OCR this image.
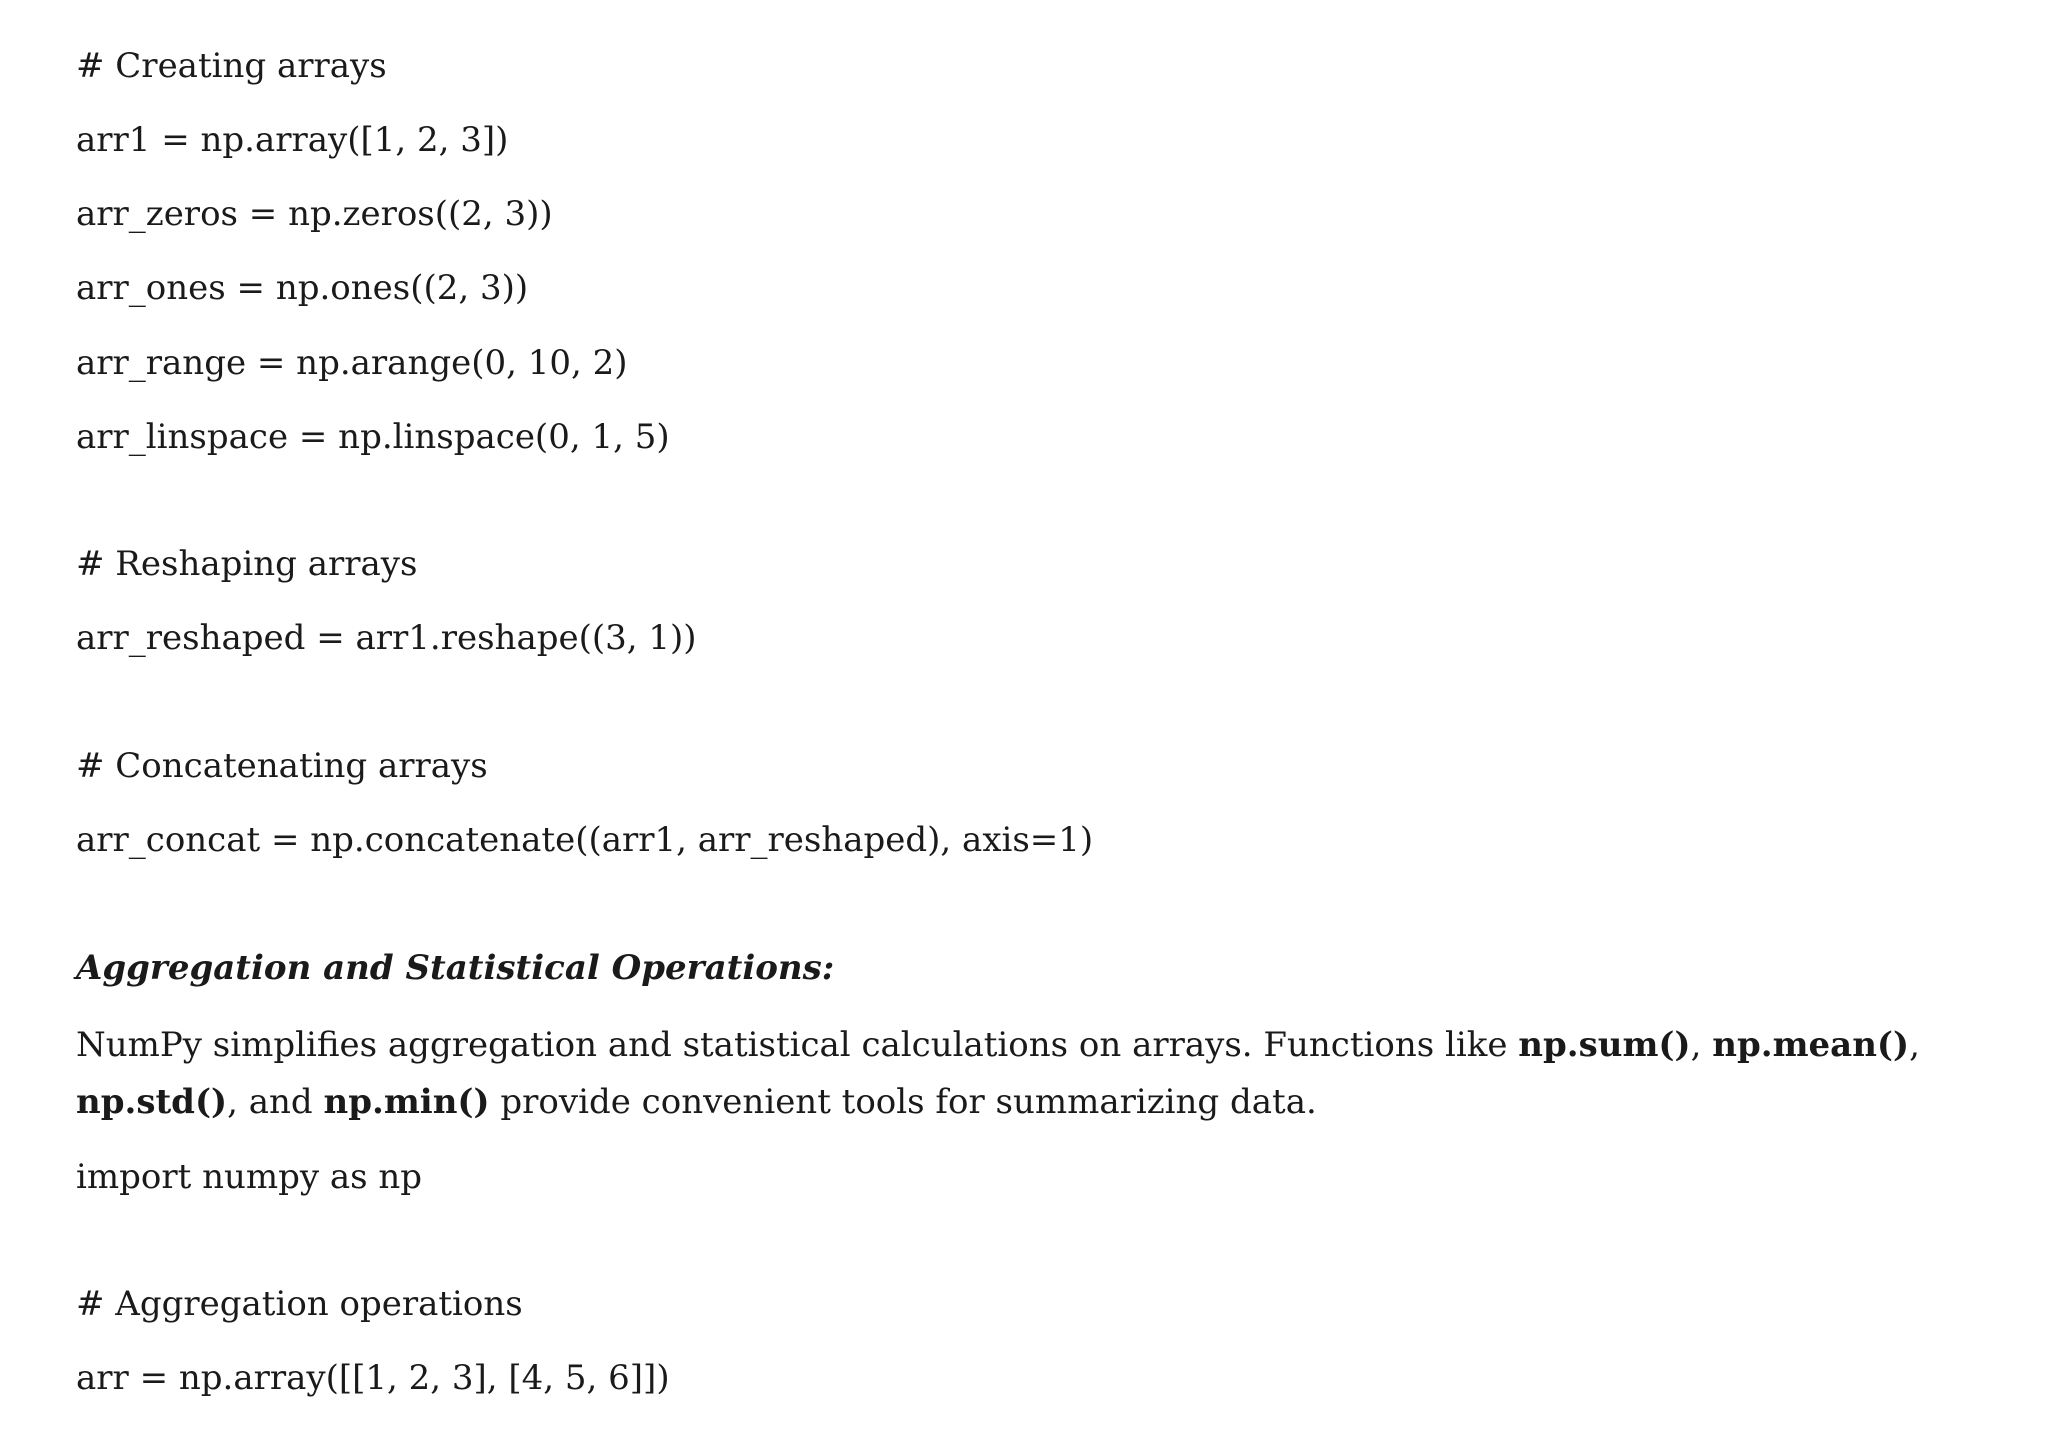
# Creating arrays

arr1 = np.array([1, 2, 3])

arr_zeros = np.zeros((2, 3))

arr_ones = np.ones((2, 3))

arr_range = np.arange(0, 10, 2)

arr_linspace = np.linspace(0, 1, 5)

# Reshaping arrays

arr_reshaped = arr1.reshape((3, 1))

# Concatenating arrays

arr_concat = np.concatenate((arr1, arr_reshaped), axis=1)

Aggregation and Statistical Operations:

NumPy simplifies aggregation and statistical calculations on arrays. Functions like np.sum(), np.mean(), np.std(), and np.min() provide convenient tools for summarizing data.

import numpy as np

# Aggregation operations

arr = np.array([[1, 2, 3], [4, 5, 6]])
